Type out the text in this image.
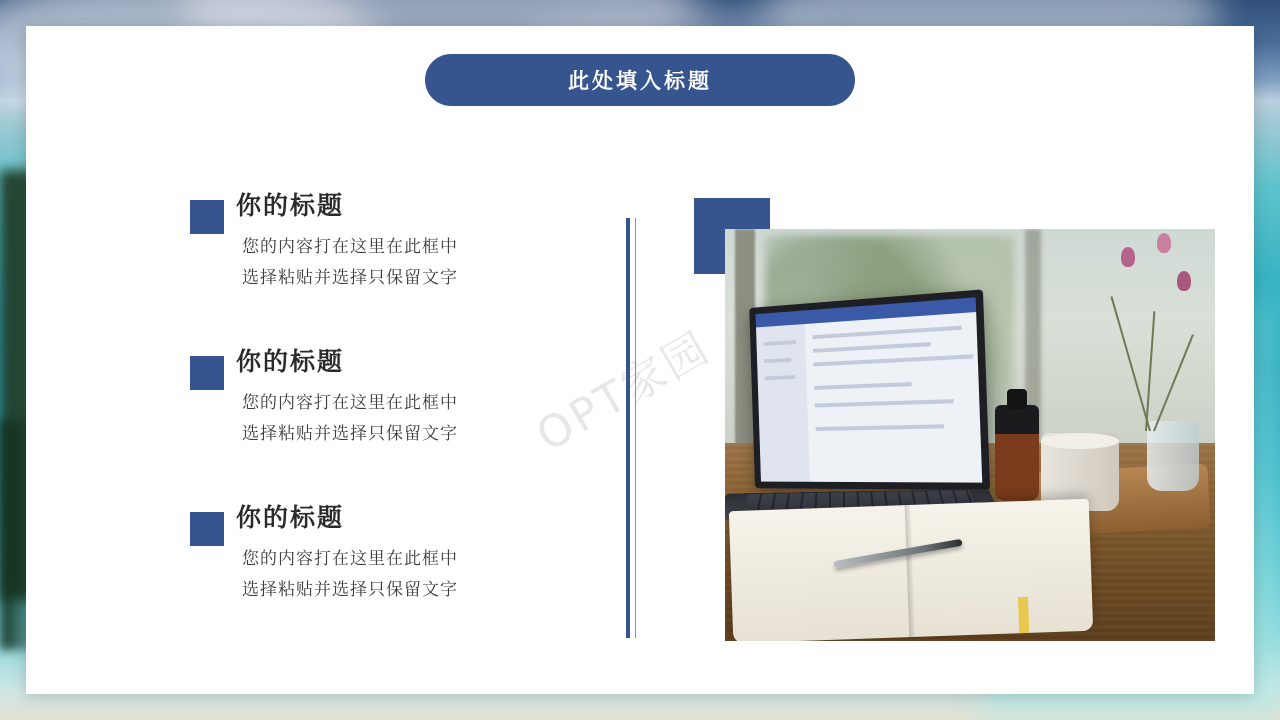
此处填入标题
你的标题
您的内容打在这里在此框中
选择粘贴并选择只保留文字
你的标题
您的内容打在这里在此框中
选择粘贴并选择只保留文字
你的标题
您的内容打在这里在此框中
选择粘贴并选择只保留文字
OPT家园
